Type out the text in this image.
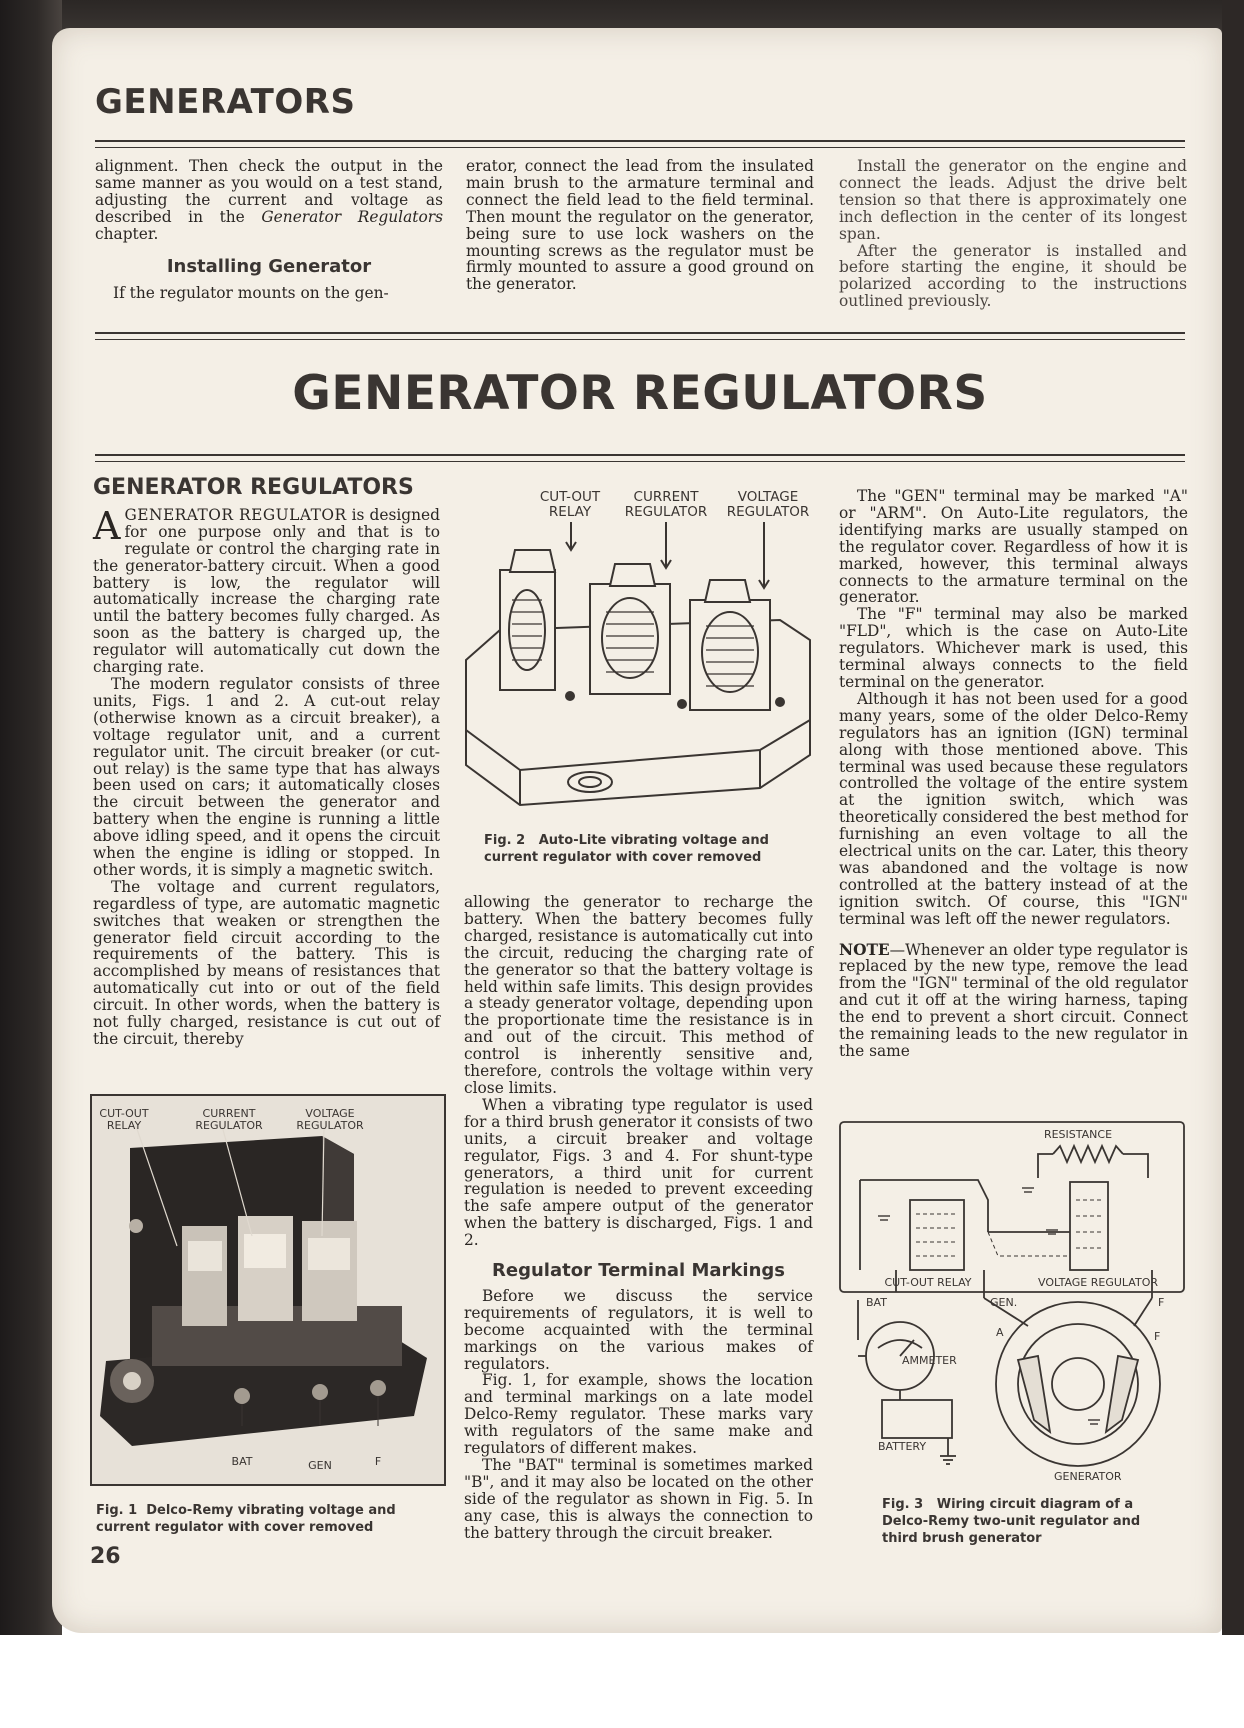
GENERATORS

alignment. Then check the output in the same manner as you would on a test stand, adjusting the current and voltage as described in the Generator Regulators chapter.

Installing Generator

If the regulator mounts on the gen-

erator, connect the lead from the insulated main brush to the armature terminal and connect the field lead to the field terminal. Then mount the regulator on the generator, being sure to use lock washers on the mounting screws as the regulator must be firmly mounted to assure a good ground on the generator.

Install the generator on the engine and connect the leads. Adjust the drive belt tension so that there is approximately one inch deflection in the center of its longest span.

After the generator is installed and before starting the engine, it should be polarized according to the instructions outlined previously.

GENERATOR REGULATORS
GENERATOR REGULATORS

AGENERATOR REGULATOR is designed for one purpose only and that is to regulate or control the charging rate in the generator-battery circuit. When a good battery is low, the regulator will automatically increase the charging rate until the battery becomes fully charged. As soon as the battery is charged up, the regulator will automatically cut down the charging rate.

The modern regulator consists of three units, Figs. 1 and 2. A cut-out relay (otherwise known as a circuit breaker), a voltage regulator unit, and a current regulator unit. The circuit breaker (or cut-out relay) is the same type that has always been used on cars; it automatically closes the circuit between the generator and battery when the engine is running a little above idling speed, and it opens the circuit when the engine is idling or stopped. In other words, it is simply a magnetic switch.

The voltage and current regulators, regardless of type, are automatic magnetic switches that weaken or strengthen the generator field circuit according to the requirements of the battery. This is accomplished by means of resistances that automatically cut into or out of the field circuit. In other words, when the battery is not fully charged, resistance is cut out of the circuit, thereby

CUT-OUT RELAY
CURRENT REGULATOR
VOLTAGE REGULATOR
BAT	GEN	F
Fig. 1 Delco-Remy vibrating voltage and current regulator with cover removed
CUT-OUT RELAY
CURRENT REGULATOR
VOLTAGE REGULATOR
Fig. 2 Auto-Lite vibrating voltage and current regulator with cover removed

allowing the generator to recharge the battery. When the battery becomes fully charged, resistance is automatically cut into the circuit, reducing the charging rate of the generator so that the battery voltage is held within safe limits. This design provides a steady generator voltage, depending upon the proportionate time the resistance is in and out of the circuit. This method of control is inherently sensitive and, therefore, controls the voltage within very close limits.

When a vibrating type regulator is used for a third brush generator it consists of two units, a circuit breaker and voltage regulator, Figs. 3 and 4. For shunt-type generators, a third unit for current regulation is needed to prevent exceeding the safe ampere output of the generator when the battery is discharged, Figs. 1 and 2.

Regulator Terminal Markings

Before we discuss the service requirements of regulators, it is well to become acquainted with the terminal markings on the various makes of regulators.

Fig. 1, for example, shows the location and terminal markings on a late model Delco-Remy regulator. These marks vary with regulators of the same make and regulators of different makes.

The "BAT" terminal is sometimes marked "B", and it may also be located on the other side of the regulator as shown in Fig. 5. In any case, this is always the connection to the battery through the circuit breaker.

The "GEN" terminal may be marked "A" or "ARM". On Auto-Lite regulators, the identifying marks are usually stamped on the regulator cover. Regardless of how it is marked, however, this terminal always connects to the armature terminal on the generator.

The "F" terminal may also be marked "FLD", which is the case on Auto-Lite regulators. Whichever mark is used, this terminal always connects to the field terminal on the generator.

Although it has not been used for a good many years, some of the older Delco-Remy regulators has an ignition (IGN) terminal along with those mentioned above. This terminal was used because these regulators controlled the voltage of the entire system at the ignition switch, which was theoretically considered the best method for furnishing an even voltage to all the electrical units on the car. Later, this theory was abandoned and the voltage is now controlled at the battery instead of at the ignition switch. Of course, this "IGN" terminal was left off the newer regulators.

NOTE—Whenever an older type regulator is replaced by the new type, remove the lead from the "IGN" terminal of the old regulator and cut it off at the wiring harness, taping the end to prevent a short circuit. Connect the remaining leads to the new regulator in the same

RESISTANCE
CUT-OUT RELAY	VOLTAGE REGULATOR
BAT	GEN.	F
A	F
AMMETER
BATTERY
GENERATOR
Fig. 3 Wiring circuit diagram of a Delco-Remy two-unit regulator and third brush generator
26
